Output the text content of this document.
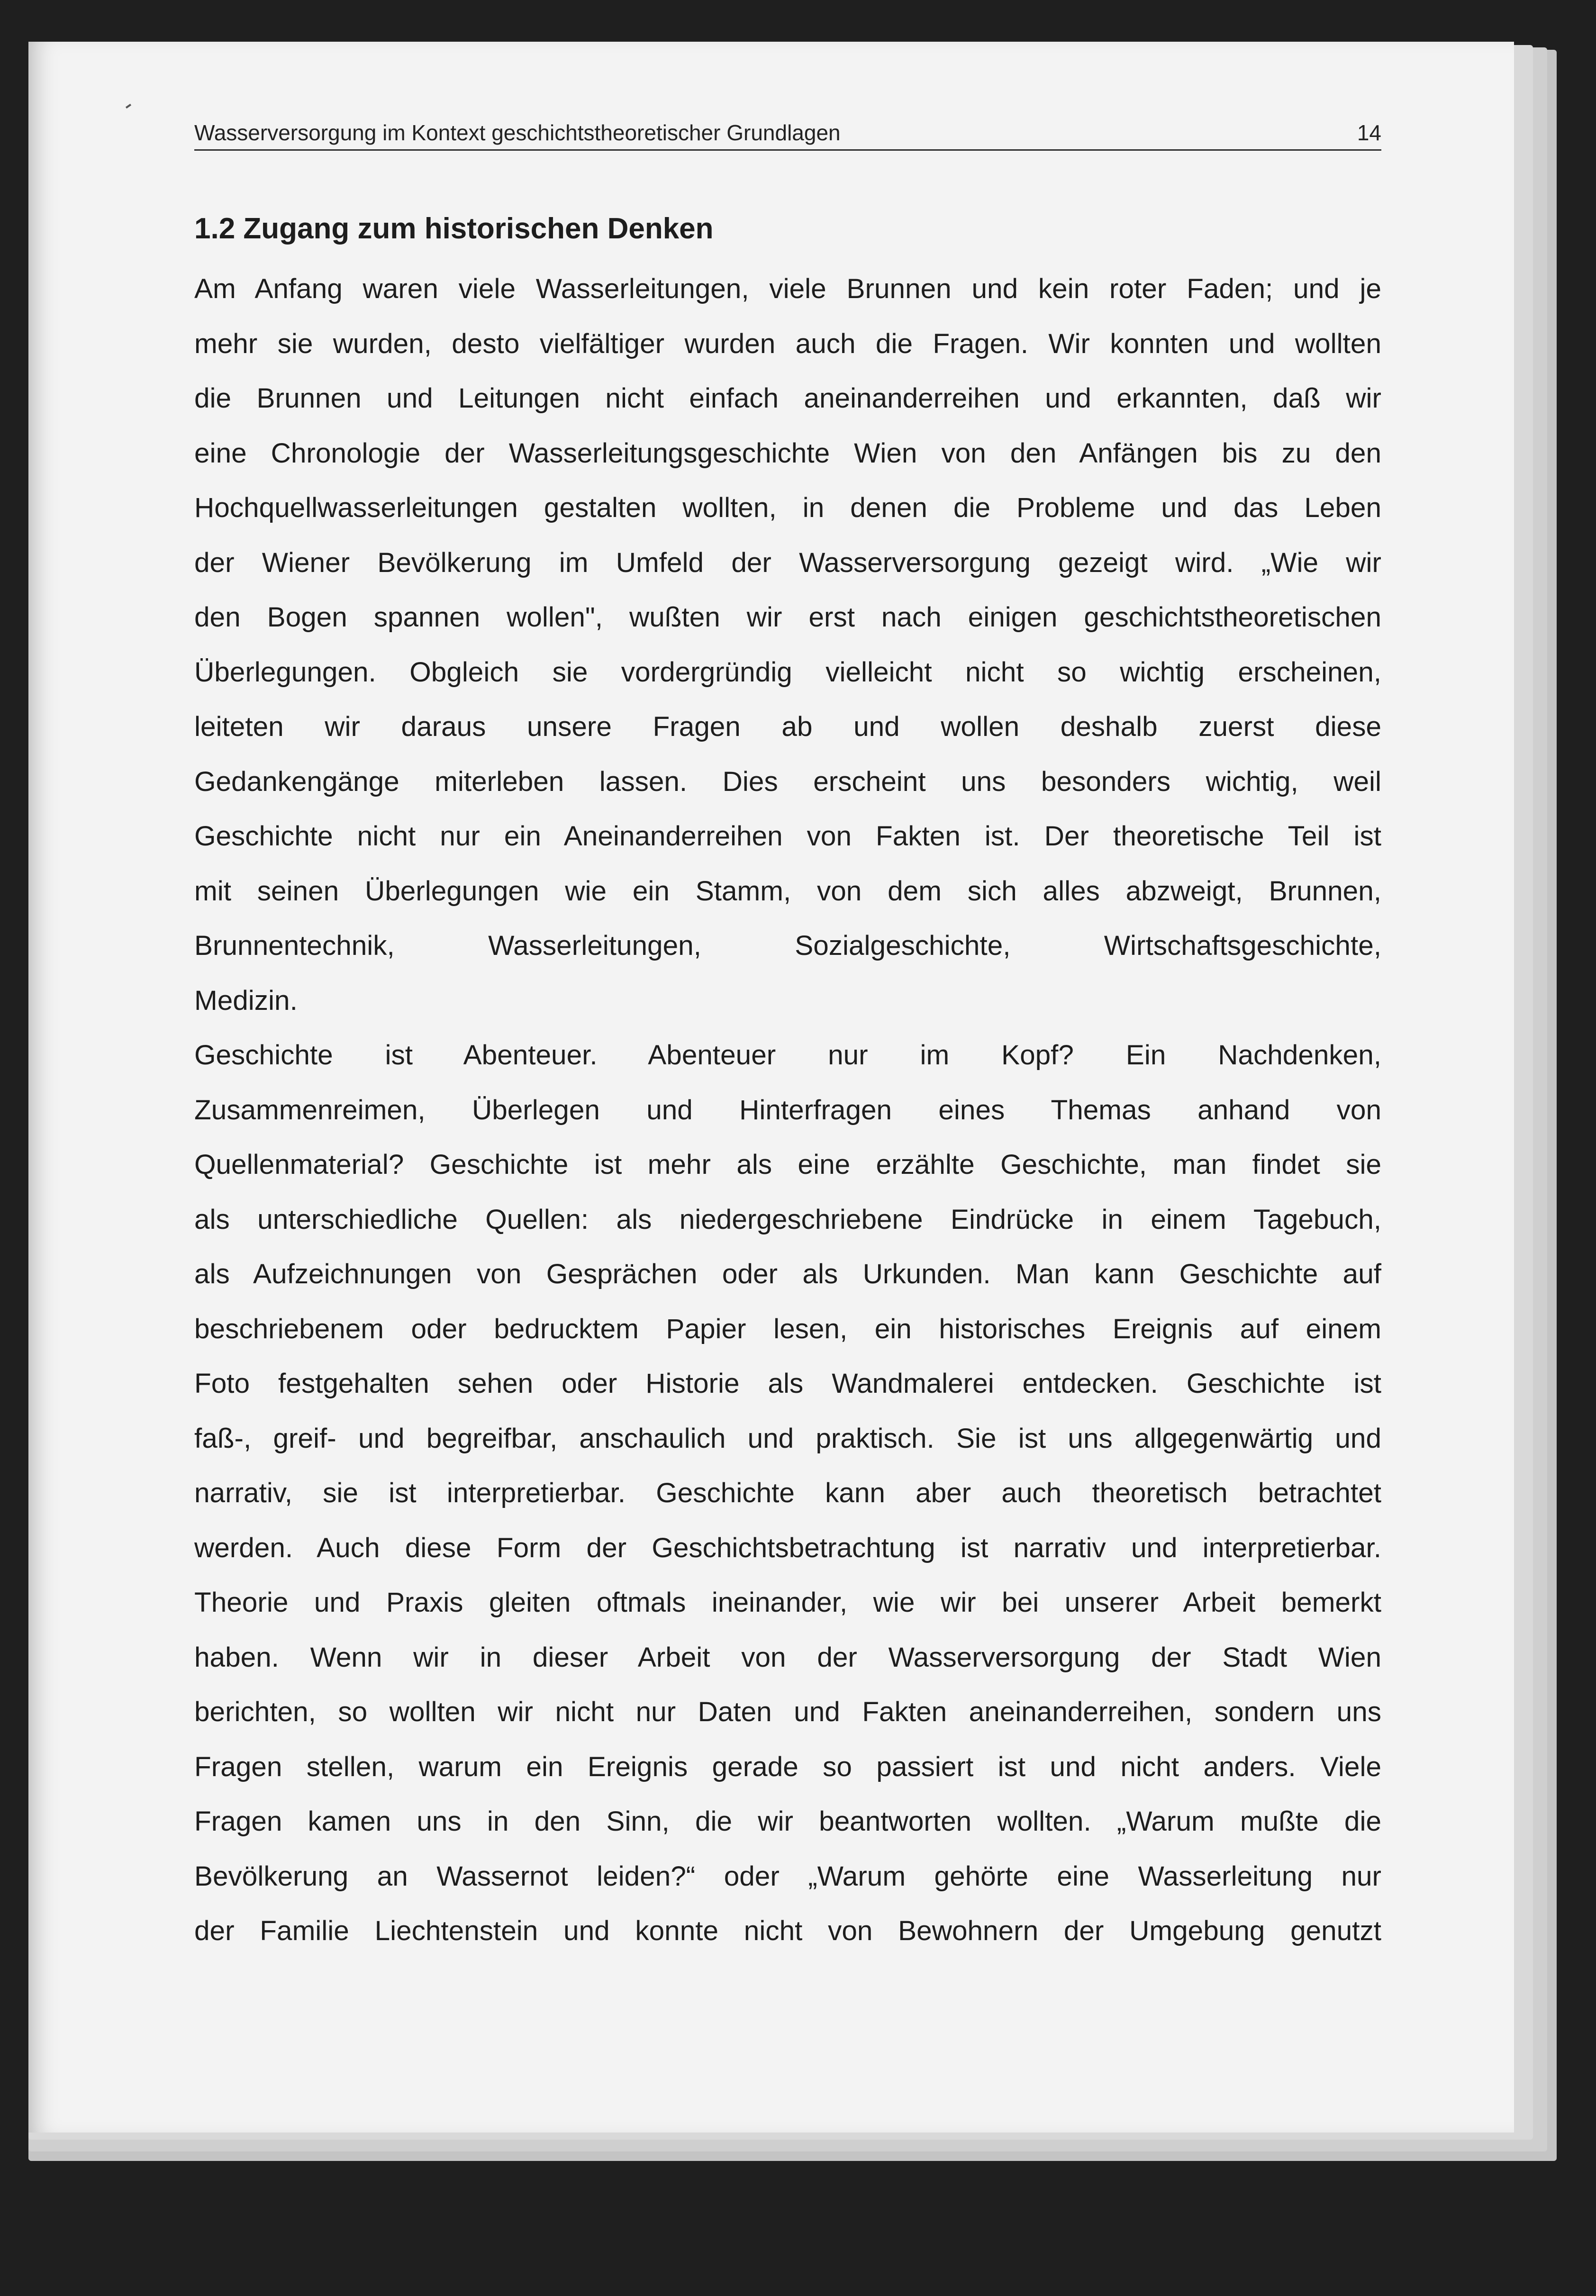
Wasserversorgung im Kontext geschichtstheoretischer Grundlagen	14
1.2 Zugang zum historischen Denken
Am Anfang waren viele Wasserleitungen, viele Brunnen und kein roter Faden; und je
mehr sie wurden, desto vielfältiger wurden auch die Fragen. Wir konnten und wollten
die Brunnen und Leitungen nicht einfach aneinanderreihen und erkannten, daß wir
eine Chronologie der Wasserleitungsgeschichte Wien von den Anfängen bis zu den
Hochquellwasserleitungen gestalten wollten, in denen die Probleme und das Leben
der Wiener Bevölkerung im Umfeld der Wasserversorgung gezeigt wird. „Wie wir
den Bogen spannen wollen", wußten wir erst nach einigen geschichtstheoretischen
Überlegungen. Obgleich sie vordergründig vielleicht nicht so wichtig erscheinen,
leiteten wir daraus unsere Fragen ab und wollen deshalb zuerst diese
Gedankengänge miterleben lassen. Dies erscheint uns besonders wichtig, weil
Geschichte nicht nur ein Aneinanderreihen von Fakten ist. Der theoretische Teil ist
mit seinen Überlegungen wie ein Stamm, von dem sich alles abzweigt, Brunnen,
Brunnentechnik, Wasserleitungen, Sozialgeschichte, Wirtschaftsgeschichte,
Medizin.
Geschichte ist Abenteuer. Abenteuer nur im Kopf? Ein Nachdenken,
Zusammenreimen, Überlegen und Hinterfragen eines Themas anhand von
Quellenmaterial? Geschichte ist mehr als eine erzählte Geschichte, man findet sie
als unterschiedliche Quellen: als niedergeschriebene Eindrücke in einem Tagebuch,
als Aufzeichnungen von Gesprächen oder als Urkunden. Man kann Geschichte auf
beschriebenem oder bedrucktem Papier lesen, ein historisches Ereignis auf einem
Foto festgehalten sehen oder Historie als Wandmalerei entdecken. Geschichte ist
faß-, greif- und begreifbar, anschaulich und praktisch. Sie ist uns allgegenwärtig und
narrativ, sie ist interpretierbar. Geschichte kann aber auch theoretisch betrachtet
werden. Auch diese Form der Geschichtsbetrachtung ist narrativ und interpretierbar.
Theorie und Praxis gleiten oftmals ineinander, wie wir bei unserer Arbeit bemerkt
haben. Wenn wir in dieser Arbeit von der Wasserversorgung der Stadt Wien
berichten, so wollten wir nicht nur Daten und Fakten aneinanderreihen, sondern uns
Fragen stellen, warum ein Ereignis gerade so passiert ist und nicht anders. Viele
Fragen kamen uns in den Sinn, die wir beantworten wollten. „Warum mußte die
Bevölkerung an Wassernot leiden?“ oder „Warum gehörte eine Wasserleitung nur
der Familie Liechtenstein und konnte nicht von Bewohnern der Umgebung genutzt
